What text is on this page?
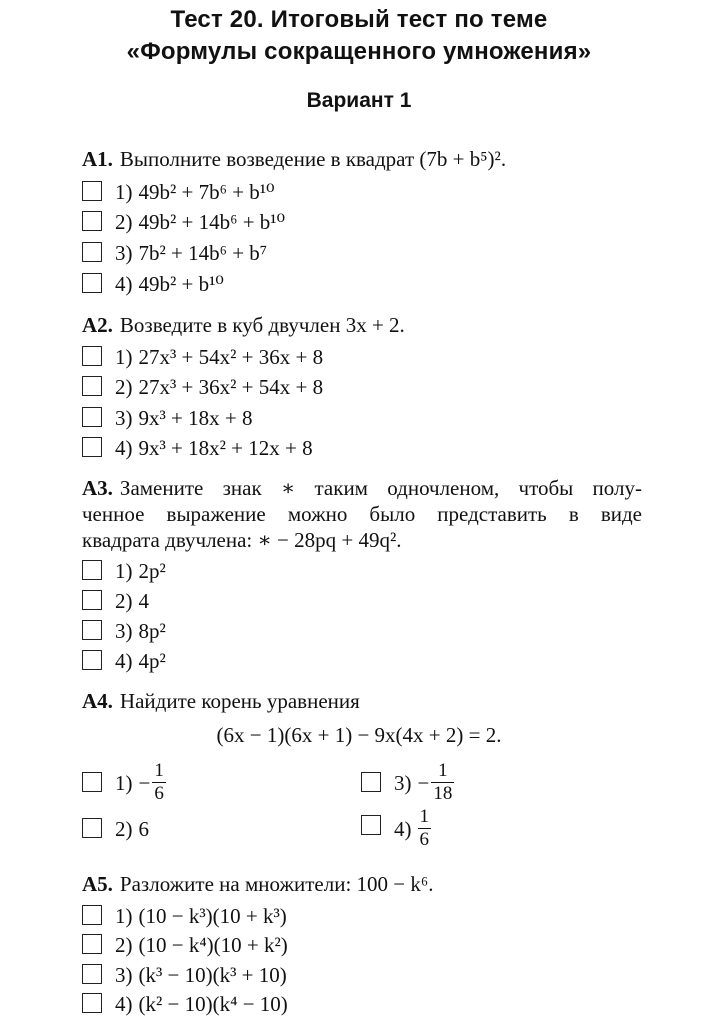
Тест 20. Итоговый тест по теме
«Формулы сокращенного умножения»
Вариант 1
А1. Выполните возведение в квадрат (7b + b⁵)².
1) 49b² + 7b⁶ + b¹⁰
2) 49b² + 14b⁶ + b¹⁰
3) 7b² + 14b⁶ + b⁷
4) 49b² + b¹⁰
А2. Возведите в куб двучлен 3x + 2.
1) 27x³ + 54x² + 36x + 8
2) 27x³ + 36x² + 54x + 8
3) 9x³ + 18x + 8
4) 9x³ + 18x² + 12x + 8
А3. Замените знак ∗ таким одночленом, чтобы полу-
ченное выражение можно было представить в виде
квадрата двучлена: ∗ − 28pq + 49q².
1) 2p²
2) 4
3) 8p²
4) 4p²
А4. Найдите корень уравнения
(6x − 1)(6x + 1) − 9x(4x + 2) = 2.
$1) - \frac{1}{6}$
2) 6
$3) - \frac{1}{18}$
$4) \frac{1}{6}$
А5. Разложите на множители: 100 − k⁶.
1) (10 − k³)(10 + k³)
2) (10 − k⁴)(10 + k²)
3) (k³ − 10)(k³ + 10)
4) (k² − 10)(k⁴ − 10)
